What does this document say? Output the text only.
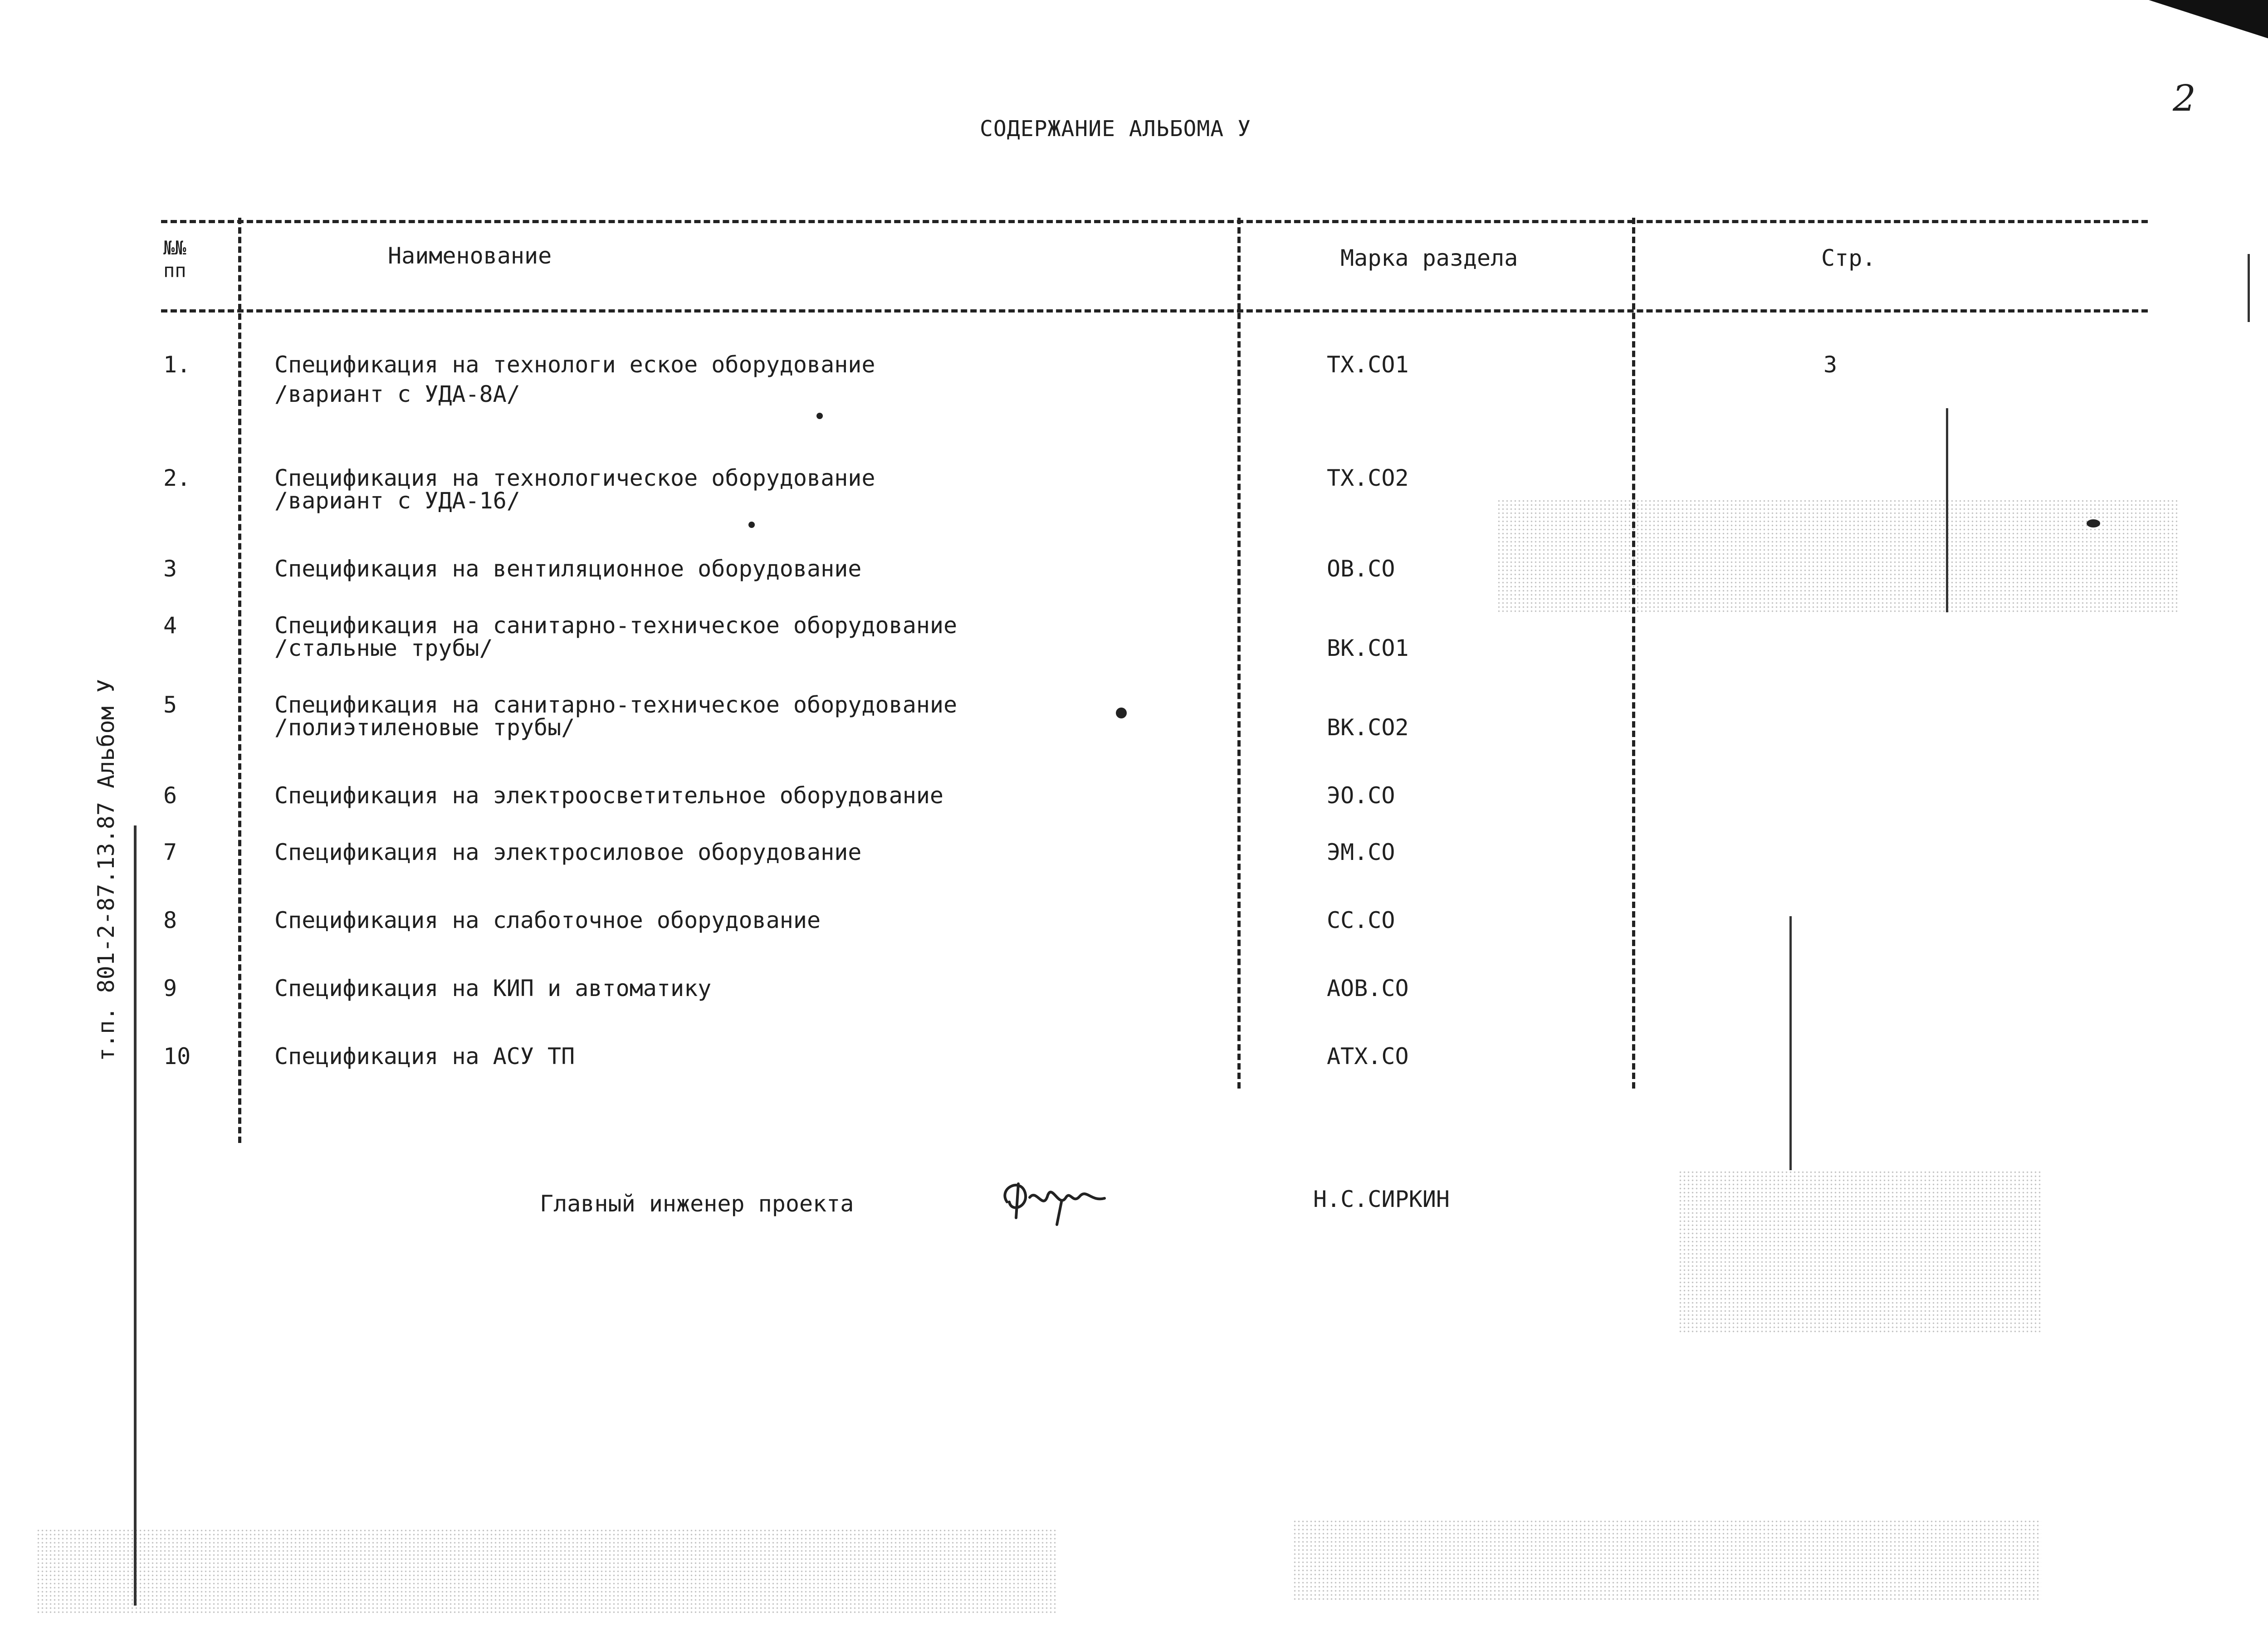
2
СОДЕРЖАНИЕ АЛЬБОМА У
т.п. 801-2-87.13.87 Альбом У
№№
пп
Наименование	Марка раздела	Стр.
1.	Спецификация на технологи еское оборудование
/вариант с УДА-8А/
ТХ.СО1	3
2.	Спецификация на технологическое оборудование
/вариант с УДА-16/
ТХ.СО2
3	Спецификация на вентиляционное оборудование	ОВ.СО
4	Спецификация на санитарно-техническое оборудование
/стальные трубы/	ВК.СО1
5	Спецификация на санитарно-техническое оборудование
/полиэтиленовые трубы/	ВК.СО2
6	Спецификация на электроосветительное оборудование	ЭО.СО
7	Спецификация на электросиловое оборудование	ЭМ.СО
8	Спецификация на слаботочное оборудование	СС.СО
9	Спецификация на КИП и автоматику	АОВ.СО
10	Спецификация на АСУ ТП	АТХ.СО
Главный инженер проекта	Н.С.СИРКИН
